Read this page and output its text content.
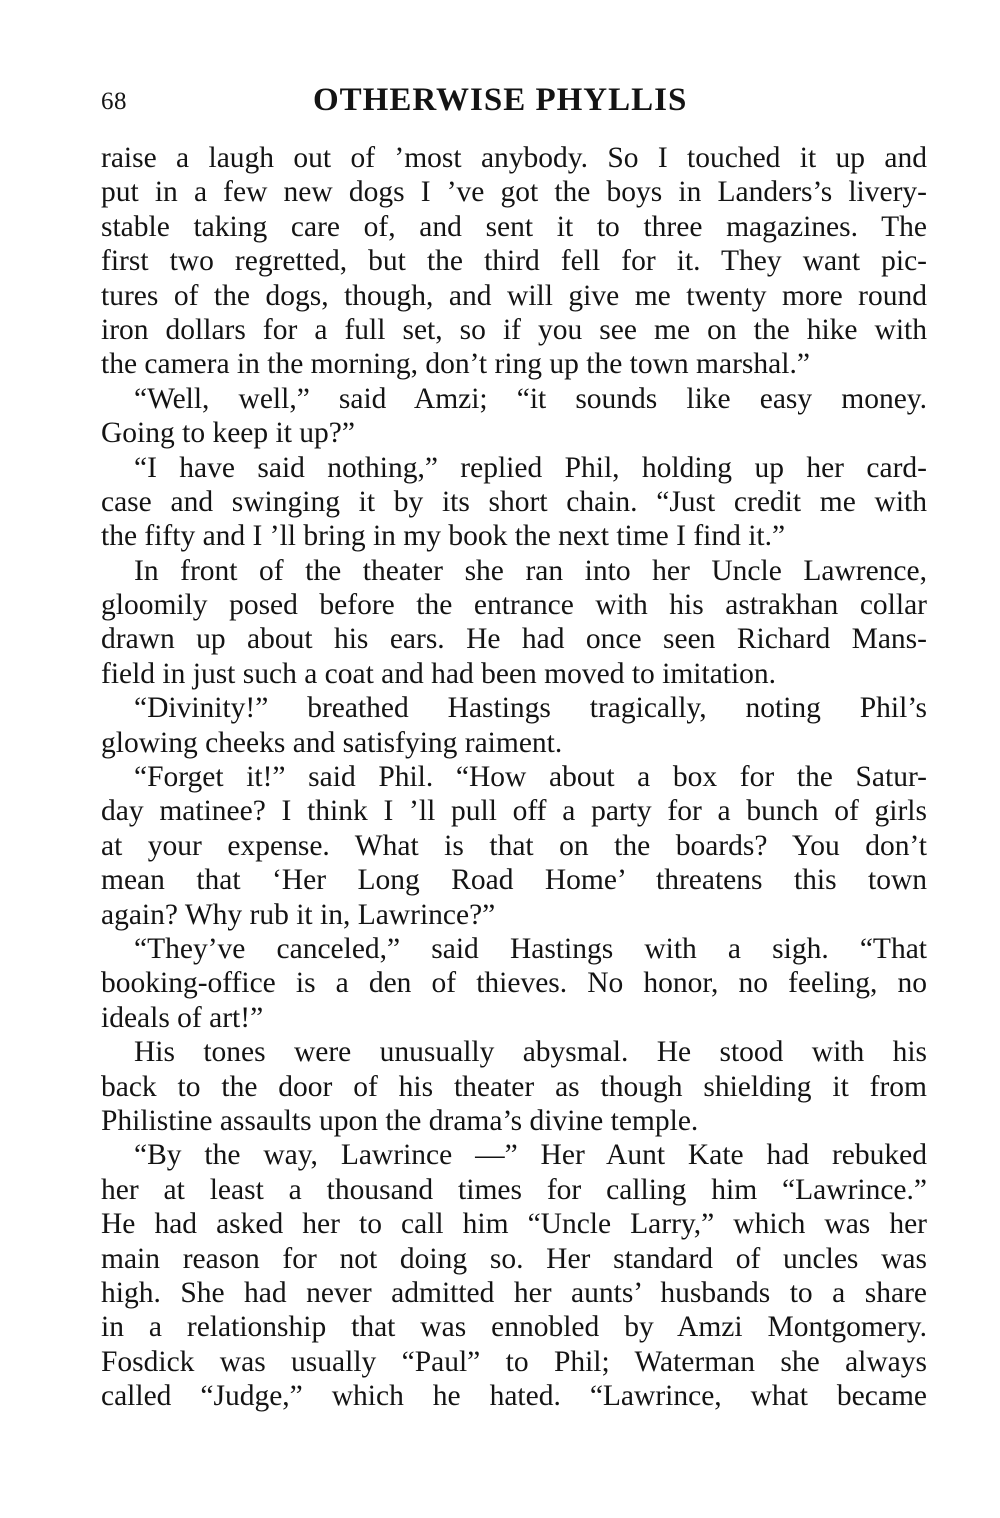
68	OTHERWISE PHYLLIS
raise a laugh out of ’most anybody. So I touched it up and
put in a few new dogs I ’ve got the boys in Landers’s livery-
stable taking care of, and sent it to three magazines. The
first two regretted, but the third fell for it. They want pic-
tures of the dogs, though, and will give me twenty more round
iron dollars for a full set, so if you see me on the hike with
the camera in the morning, don’t ring up the town marshal.”
“Well, well,” said Amzi; “it sounds like easy money.
Going to keep it up?”
“I have said nothing,” replied Phil, holding up her card-
case and swinging it by its short chain. “Just credit me with
the fifty and I ’ll bring in my book the next time I find it.”
In front of the theater she ran into her Uncle Lawrence,
gloomily posed before the entrance with his astrakhan collar
drawn up about his ears. He had once seen Richard Mans-
field in just such a coat and had been moved to imitation.
“Divinity!” breathed Hastings tragically, noting Phil’s
glowing cheeks and satisfying raiment.
“Forget it!” said Phil. “How about a box for the Satur-
day matinee? I think I ’ll pull off a party for a bunch of girls
at your expense. What is that on the boards? You don’t
mean that ‘Her Long Road Home’ threatens this town
again? Why rub it in, Lawrince?”
“They’ve canceled,” said Hastings with a sigh. “That
booking-office is a den of thieves. No honor, no feeling, no
ideals of art!”
His tones were unusually abysmal. He stood with his
back to the door of his theater as though shielding it from
Philistine assaults upon the drama’s divine temple.
“By the way, Lawrince —” Her Aunt Kate had rebuked
her at least a thousand times for calling him “Lawrince.”
He had asked her to call him “Uncle Larry,” which was her
main reason for not doing so. Her standard of uncles was
high. She had never admitted her aunts’ husbands to a share
in a relationship that was ennobled by Amzi Montgomery.
Fosdick was usually “Paul” to Phil; Waterman she always
called “Judge,” which he hated. “Lawrince, what became
